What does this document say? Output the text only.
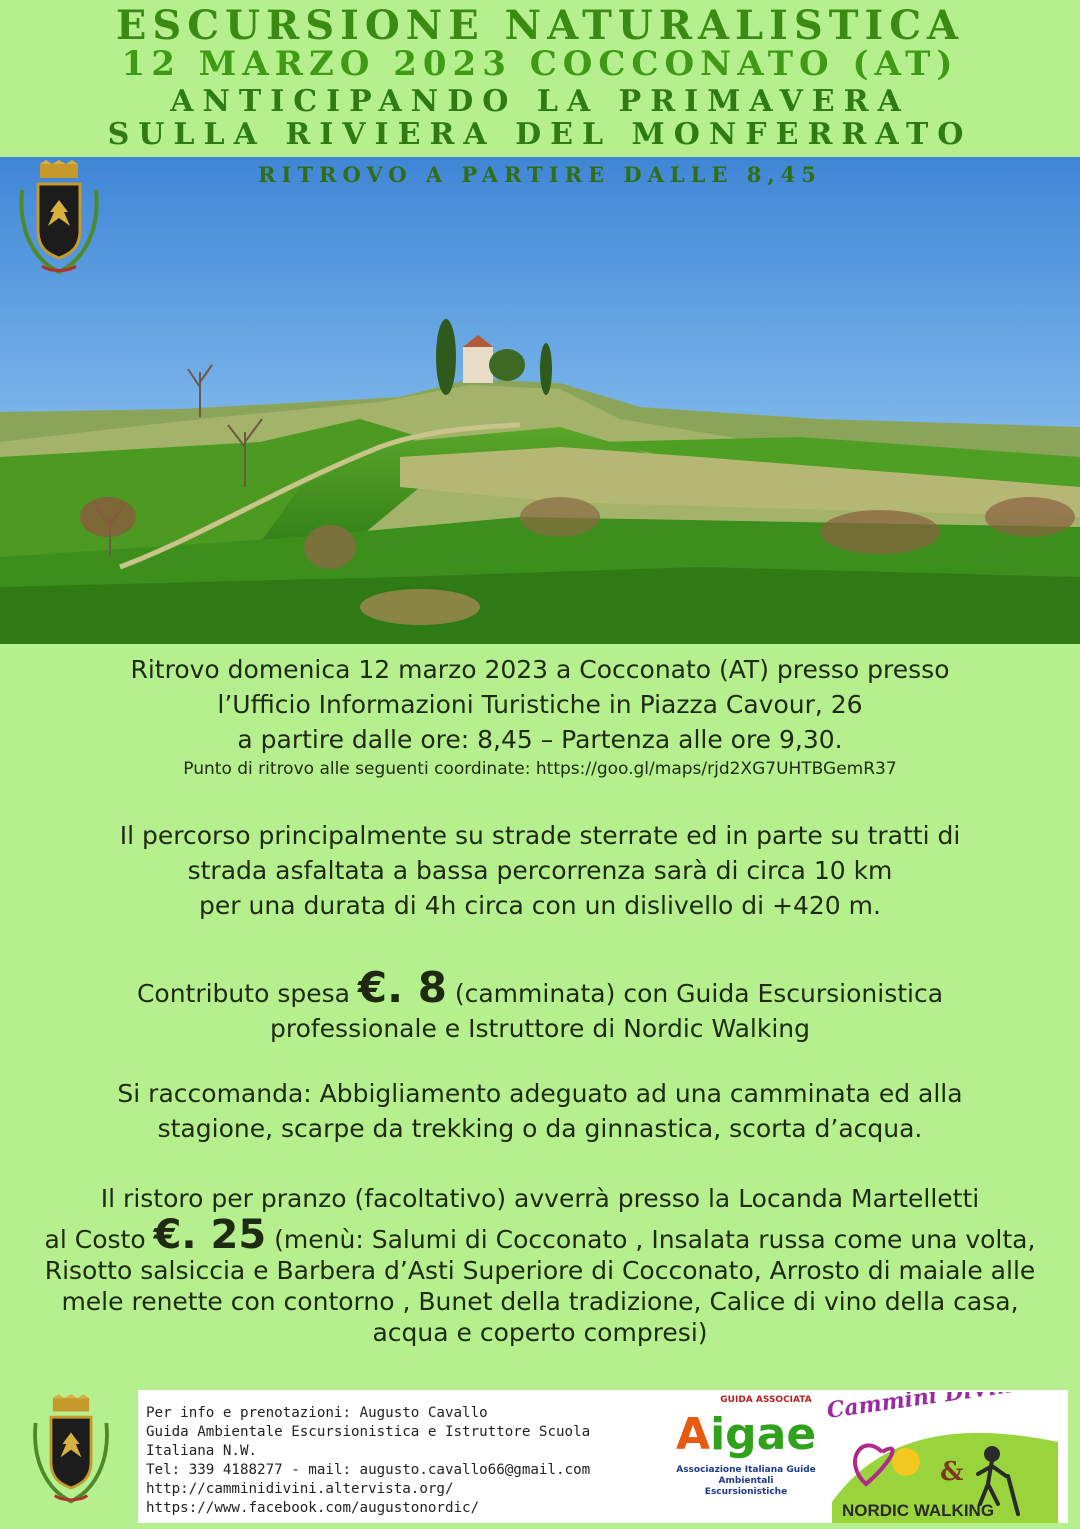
ESCURSIONE NATURALISTICA
12 MARZO 2023 COCCONATO (AT)
ANTICIPANDO LA PRIMAVERA
SULLA RIVIERA DEL MONFERRATO
RITROVO A PARTIRE DALLE 8,45
Ritrovo domenica 12 marzo 2023 a Cocconato (AT) presso presso
l’Ufficio Informazioni Turistiche in Piazza Cavour, 26
a partire dalle ore: 8,45 – Partenza alle ore 9,30.
Punto di ritrovo alle seguenti coordinate: https://goo.gl/maps/rjd2XG7UHTBGemR37
Il percorso principalmente su strade sterrate ed in parte su tratti di
strada asfaltata a bassa percorrenza sarà di circa 10 km
per una durata di 4h circa con un dislivello di +420 m.
Contributo spesa €. 8 (camminata) con Guida Escursionistica
professionale e Istruttore di Nordic Walking
Si raccomanda: Abbigliamento adeguato ad una camminata ed alla
stagione, scarpe da trekking o da ginnastica, scorta d’acqua.
Il ristoro per pranzo (facoltativo) avverrà presso la Locanda Martelletti
al Costo €. 25 (menù: Salumi di Cocconato , Insalata russa come una volta,
Risotto salsiccia e Barbera d’Asti Superiore di Cocconato, Arrosto di maiale alle
mele renette con contorno , Bunet della tradizione, Calice di vino della casa,
acqua e coperto compresi)
Per info e prenotazioni: Augusto Cavallo
Guida Ambientale Escursionistica e Istruttore Scuola Italiana N.W.
Tel: 339 4188277 - mail: augusto.cavallo66@gmail.com
http://camminidivini.altervista.org/
https://www.facebook.com/augustonordic/
GUIDA ASSOCIATA
Aigae
Associazione Italiana Guide
Ambientali Escursionistiche
Cammini DiVini
&
NORDIC WALKING
